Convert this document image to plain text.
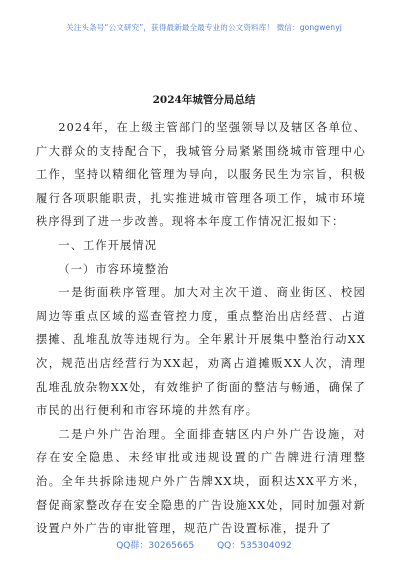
关注头条号“公文研究”，获得最新最全最专业的公文资料库！ 微信：gongwenyj
2024年城管分局总结

2024年，在上级主管部门的坚强领导以及辖区各单位、广大群众的支持配合下，我城管分局紧紧围绕城市管理中心工作，坚持以精细化管理为导向，以服务民生为宗旨，积极履行各项职能职责，扎实推进城市管理各项工作，城市环境秩序得到了进一步改善。现将本年度工作情况汇报如下：

一、工作开展情况

（一）市容环境整治

一是街面秩序管理。加大对主次干道、商业街区、校园周边等重点区域的巡查管控力度，重点整治出店经营、占道摆摊、乱堆乱放等违规行为。全年累计开展集中整治行动XX次，规范出店经营行为XX起，劝离占道摊贩XX人次，清理乱堆乱放杂物XX处，有效维护了街面的整洁与畅通，确保了市民的出行便利和市容环境的井然有序。

二是户外广告治理。全面排查辖区内户外广告设施，对存在安全隐患、未经审批或违规设置的广告牌进行清理整治。全年共拆除违规户外广告牌XX块，面积达XX平方米，督促商家整改存在安全隐患的广告设施XX处，同时加强对新设置户外广告的审批管理，规范广告设置标准，提升了

QQ群：30265665	QQ：535304092
